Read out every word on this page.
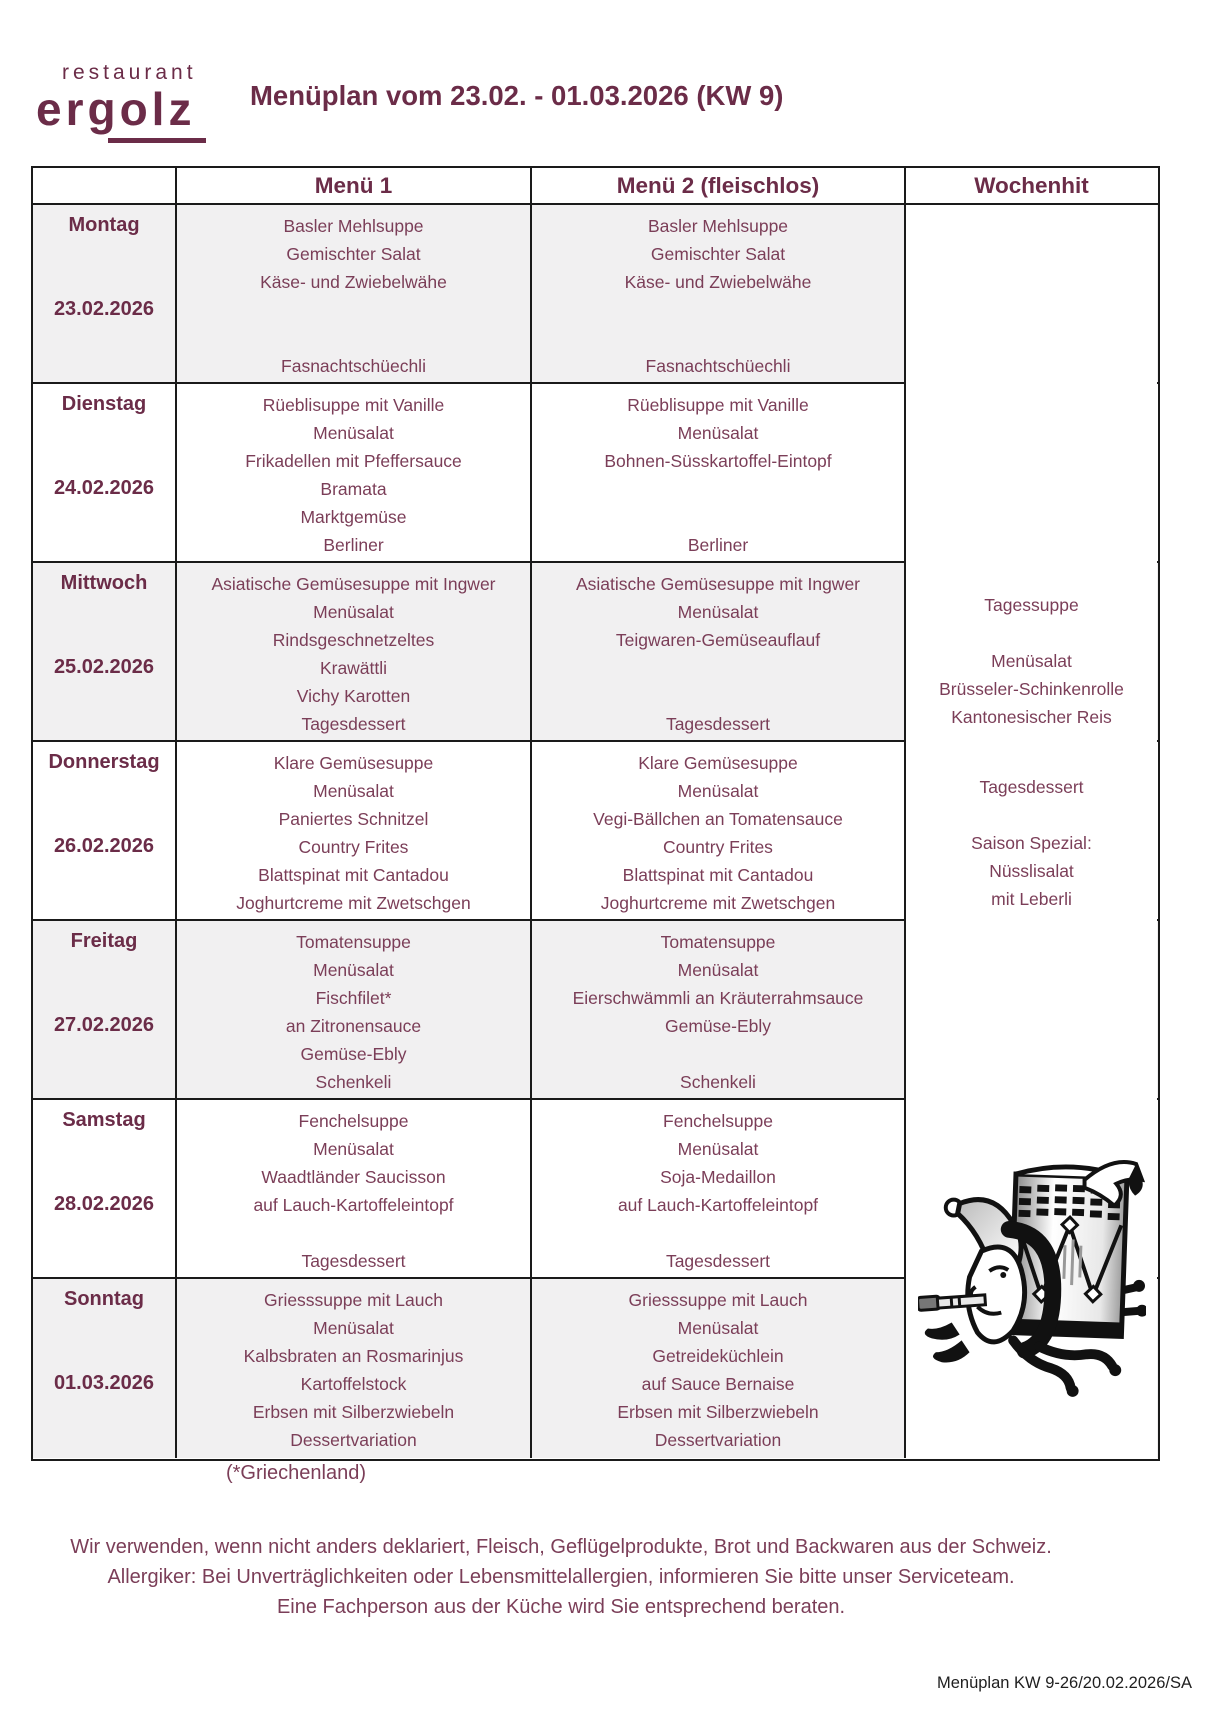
restaurant
ergolz Menüplan vom 23.02. - 01.03.2026 (KW 9)
Menü 1	Menü 2 (fleischlos)	Wochenhit
Montag
23.02.2026
Basler Mehlsuppe
Gemischter Salat
Käse- und Zwiebelwähe

Fasnachtschüechli
Basler Mehlsuppe
Gemischter Salat
Käse- und Zwiebelwähe

Fasnachtschüechli
Dienstag
24.02.2026
Rüeblisuppe mit Vanille
Menüsalat
Frikadellen mit Pfeffersauce
Bramata
Marktgemüse
Berliner
Rüeblisuppe mit Vanille
Menüsalat
Bohnen-Süsskartoffel-Eintopf

Berliner
Mittwoch
25.02.2026
Asiatische Gemüsesuppe mit Ingwer
Menüsalat
Rindsgeschnetzeltes
Krawättli
Vichy Karotten
Tagesdessert
Asiatische Gemüsesuppe mit Ingwer
Menüsalat
Teigwaren-Gemüseauflauf

Tagesdessert
Donnerstag
26.02.2026
Klare Gemüsesuppe
Menüsalat
Paniertes Schnitzel
Country Frites
Blattspinat mit Cantadou
Joghurtcreme mit Zwetschgen
Klare Gemüsesuppe
Menüsalat
Vegi-Bällchen an Tomatensauce
Country Frites
Blattspinat mit Cantadou
Joghurtcreme mit Zwetschgen
Freitag
27.02.2026
Tomatensuppe
Menüsalat
Fischfilet*
an Zitronensauce
Gemüse-Ebly
Schenkeli
Tomatensuppe
Menüsalat
Eierschwämmli an Kräuterrahmsauce
Gemüse-Ebly

Schenkeli
Samstag
28.02.2026
Fenchelsuppe
Menüsalat
Waadtländer Saucisson
auf Lauch-Kartoffeleintopf

Tagesdessert
Fenchelsuppe
Menüsalat
Soja-Medaillon
auf Lauch-Kartoffeleintopf

Tagesdessert
Sonntag
01.03.2026
Griesssuppe mit Lauch
Menüsalat
Kalbsbraten an Rosmarinjus
Kartoffelstock
Erbsen mit Silberzwiebeln
Dessertvariation
Griesssuppe mit Lauch
Menüsalat
Getreideküchlein
auf Sauce Bernaise
Erbsen mit Silberzwiebeln
Dessertvariation
Tagessuppe

Menüsalat
Brüsseler-Schinkenrolle
Kantonesischer Reis
Tagesdessert

Saison Spezial:
Nüsslisalat
mit Leberli
(*Griechenland)
Wir verwenden, wenn nicht anders deklariert, Fleisch, Geflügelprodukte, Brot und Backwaren aus der Schweiz.
Allergiker: Bei Unverträglichkeiten oder Lebensmittelallergien, informieren Sie bitte unser Serviceteam.
Eine Fachperson aus der Küche wird Sie entsprechend beraten.
Menüplan KW 9-26/20.02.2026/SA
